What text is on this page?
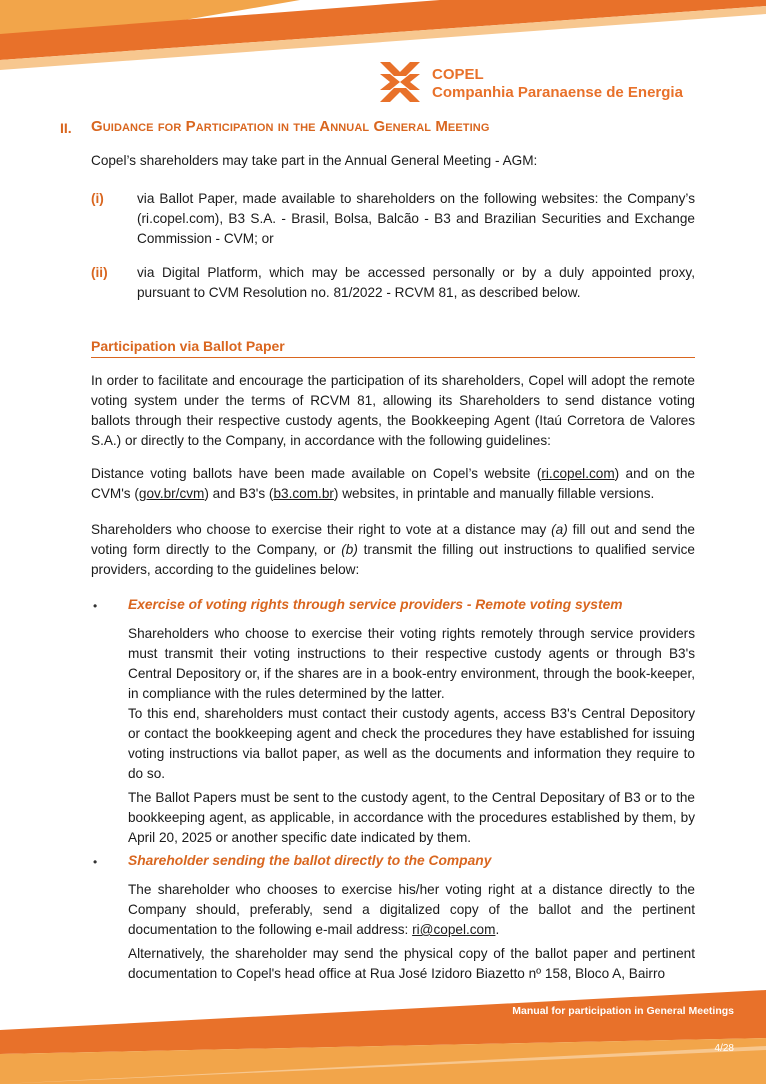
COPEL
Companhia Paranaense de Energia
II. Guidance for Participation in the Annual General Meeting
Copel’s shareholders may take part in the Annual General Meeting - AGM:
(i) via Ballot Paper, made available to shareholders on the following websites: the Company’s (ri.copel.com), B3 S.A. - Brasil, Bolsa, Balcão - B3 and Brazilian Securities and Exchange Commission - CVM; or
(ii) via Digital Platform, which may be accessed personally or by a duly appointed proxy, pursuant to CVM Resolution no. 81/2022 - RCVM 81, as described below.
Participation via Ballot Paper
In order to facilitate and encourage the participation of its shareholders, Copel will adopt the remote voting system under the terms of RCVM 81, allowing its Shareholders to send distance voting ballots through their respective custody agents, the Bookkeeping Agent (Itaú Corretora de Valores S.A.) or directly to the Company, in accordance with the following guidelines:
Distance voting ballots have been made available on Copel’s website (ri.copel.com) and on the CVM's (gov.br/cvm) and B3's (b3.com.br) websites, in printable and manually fillable versions.
Shareholders who choose to exercise their right to vote at a distance may (a) fill out and send the voting form directly to the Company, or (b) transmit the filling out instructions to qualified service providers, according to the guidelines below:
• Exercise of voting rights through service providers - Remote voting system
Shareholders who choose to exercise their voting rights remotely through service providers must transmit their voting instructions to their respective custody agents or through B3's Central Depository or, if the shares are in a book-entry environment, through the book-keeper, in compliance with the rules determined by the latter.
To this end, shareholders must contact their custody agents, access B3's Central Depository or contact the bookkeeping agent and check the procedures they have established for issuing voting instructions via ballot paper, as well as the documents and information they require to do so.
The Ballot Papers must be sent to the custody agent, to the Central Depositary of B3 or to the bookkeeping agent, as applicable, in accordance with the procedures established by them, by April 20, 2025 or another specific date indicated by them.
• Shareholder sending the ballot directly to the Company
The shareholder who chooses to exercise his/her voting right at a distance directly to the Company should, preferably, send a digitalized copy of the ballot and the pertinent documentation to the following e-mail address: ri@copel.com.
Alternatively, the shareholder may send the physical copy of the ballot paper and pertinent documentation to Copel's head office at Rua José Izidoro Biazetto nº 158, Bloco A, Bairro
Manual for participation in General Meetings
4/28
